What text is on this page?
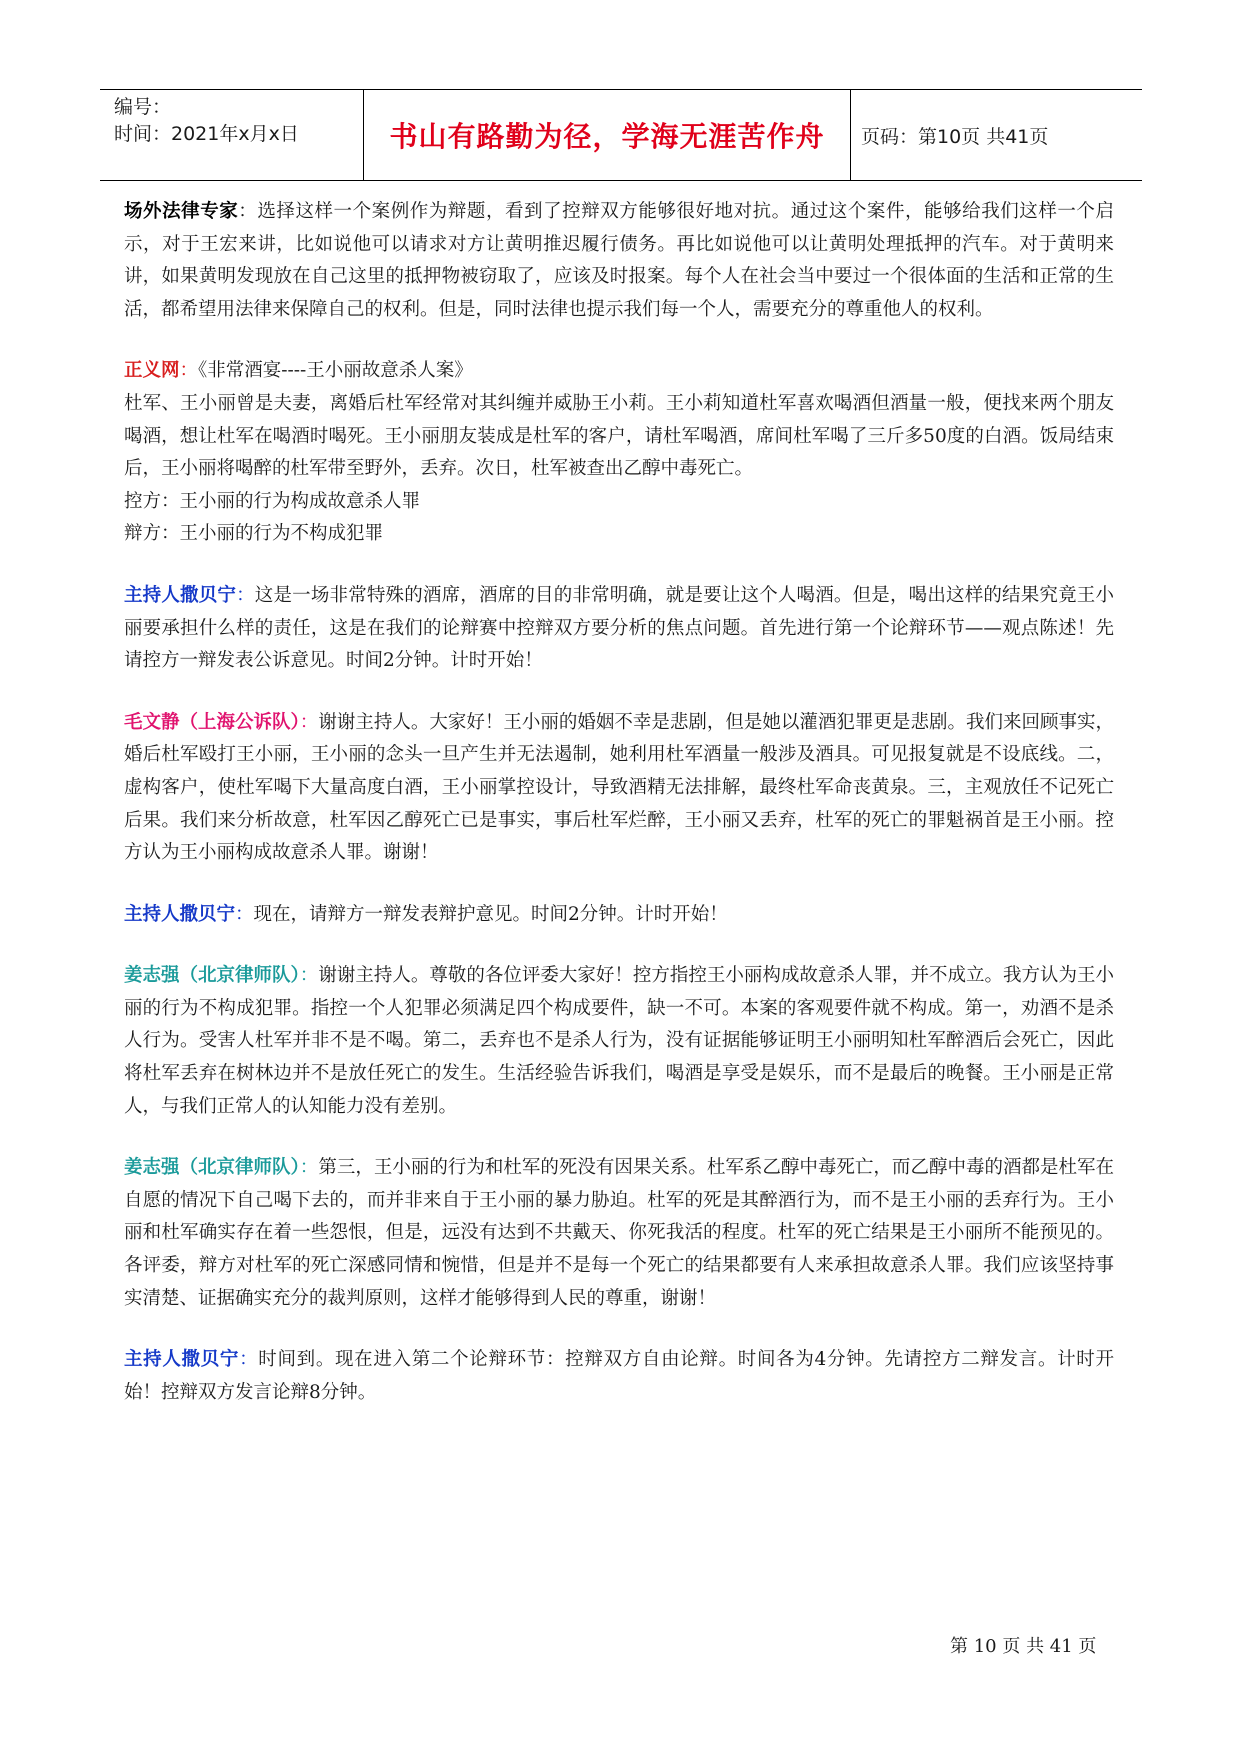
编号：
时间：2021年x月x日	书山有路勤为径，学海无涯苦作舟	页码：第10页 共41页

场外法律专家：选择这样一个案例作为辩题，看到了控辩双方能够很好地对抗。通过这个案件，能够给我们这样一个启示，对于王宏来讲，比如说他可以请求对方让黄明推迟履行债务。再比如说他可以让黄明处理抵押的汽车。对于黄明来讲，如果黄明发现放在自己这里的抵押物被窃取了，应该及时报案。每个人在社会当中要过一个很体面的生活和正常的生活，都希望用法律来保障自己的权利。但是，同时法律也提示我们每一个人，需要充分的尊重他人的权利。

正义网：《非常酒宴----王小丽故意杀人案》

杜军、王小丽曾是夫妻，离婚后杜军经常对其纠缠并威胁王小莉。王小莉知道杜军喜欢喝酒但酒量一般，便找来两个朋友喝酒，想让杜军在喝酒时喝死。王小丽朋友装成是杜军的客户，请杜军喝酒，席间杜军喝了三斤多50度的白酒。饭局结束后，王小丽将喝醉的杜军带至野外，丢弃。次日，杜军被查出乙醇中毒死亡。

控方：王小丽的行为构成故意杀人罪

辩方：王小丽的行为不构成犯罪

主持人撒贝宁：这是一场非常特殊的酒席，酒席的目的非常明确，就是要让这个人喝酒。但是，喝出这样的结果究竟王小丽要承担什么样的责任，这是在我们的论辩赛中控辩双方要分析的焦点问题。首先进行第一个论辩环节——观点陈述！先请控方一辩发表公诉意见。时间2分钟。计时开始！

毛文静（上海公诉队）：谢谢主持人。大家好！王小丽的婚姻不幸是悲剧，但是她以灌酒犯罪更是悲剧。我们来回顾事实，婚后杜军殴打王小丽，王小丽的念头一旦产生并无法遏制，她利用杜军酒量一般涉及酒具。可见报复就是不设底线。二，虚构客户，使杜军喝下大量高度白酒，王小丽掌控设计，导致酒精无法排解，最终杜军命丧黄泉。三，主观放任不记死亡后果。我们来分析故意，杜军因乙醇死亡已是事实，事后杜军烂醉，王小丽又丢弃，杜军的死亡的罪魁祸首是王小丽。控方认为王小丽构成故意杀人罪。谢谢！

主持人撒贝宁：现在，请辩方一辩发表辩护意见。时间2分钟。计时开始！

姜志强（北京律师队）：谢谢主持人。尊敬的各位评委大家好！控方指控王小丽构成故意杀人罪，并不成立。我方认为王小丽的行为不构成犯罪。指控一个人犯罪必须满足四个构成要件，缺一不可。本案的客观要件就不构成。第一，劝酒不是杀人行为。受害人杜军并非不是不喝。第二，丢弃也不是杀人行为，没有证据能够证明王小丽明知杜军醉酒后会死亡，因此将杜军丢弃在树林边并不是放任死亡的发生。生活经验告诉我们，喝酒是享受是娱乐，而不是最后的晚餐。王小丽是正常人，与我们正常人的认知能力没有差别。

姜志强（北京律师队）：第三，王小丽的行为和杜军的死没有因果关系。杜军系乙醇中毒死亡，而乙醇中毒的酒都是杜军在自愿的情况下自己喝下去的，而并非来自于王小丽的暴力胁迫。杜军的死是其醉酒行为，而不是王小丽的丢弃行为。王小丽和杜军确实存在着一些怨恨，但是，远没有达到不共戴天、你死我活的程度。杜军的死亡结果是王小丽所不能预见的。各评委，辩方对杜军的死亡深感同情和惋惜，但是并不是每一个死亡的结果都要有人来承担故意杀人罪。我们应该坚持事实清楚、证据确实充分的裁判原则，这样才能够得到人民的尊重，谢谢！

主持人撒贝宁：时间到。现在进入第二个论辩环节：控辩双方自由论辩。时间各为4分钟。先请控方二辩发言。计时开始！控辩双方发言论辩8分钟。

第 10 页 共 41 页
